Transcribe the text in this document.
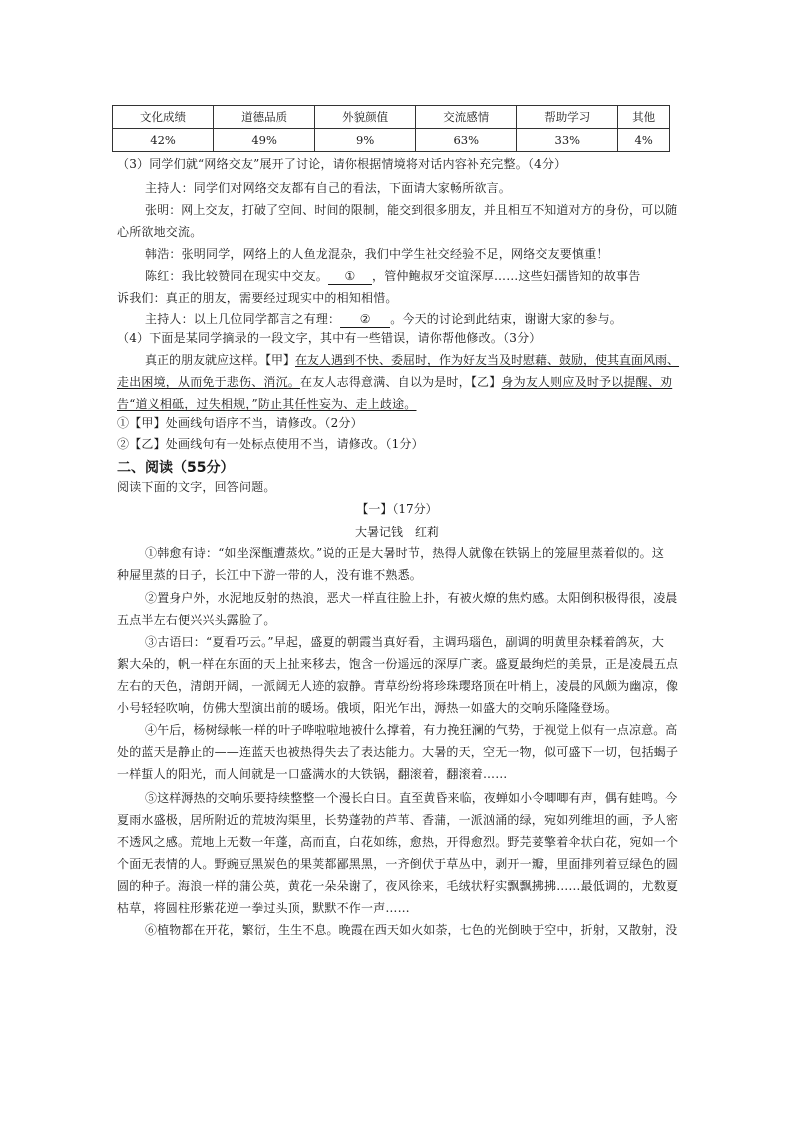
文化成绩	道德品质	外貌颜值	交流感情	帮助学习	其他
42%	49%	9%	63%	33%	4%
（3）同学们就“网络交友”展开了讨论，请你根据情境将对话内容补充完整。（4分）
主持人：同学们对网络交友都有自己的看法，下面请大家畅所欲言。
张明：网上交友，打破了空间、时间的限制，能交到很多朋友，并且相互不知道对方的身份，可以随
心所欲地交流。
韩浩：张明同学，网络上的人鱼龙混杂，我们中学生社交经验不足，网络交友要慎重！
陈红：我比较赞同在现实中交友。 ① ，管仲鲍叔牙交谊深厚……这些妇孺皆知的故事告
诉我们：真正的朋友，需要经过现实中的相知相惜。
主持人：以上几位同学都言之有理： ② 。今天的讨论到此结束，谢谢大家的参与。
（4）下面是某同学摘录的一段文字，其中有一些错误，请你帮他修改。（3分）
真正的朋友就应这样。【甲】在友人遇到不快、委屈时，作为好友当及时慰藉、鼓励，使其直面风雨、
走出困境，从而免于悲伤、消沉。在友人志得意满、自以为是时，【乙】身为友人则应及时予以提醒、劝
告“道义相砥，过失相规，”防止其任性妄为、走上歧途。
①【甲】处画线句语序不当，请修改。（2分）
②【乙】处画线句有一处标点使用不当，请修改。（1分）
二、阅读（55分）
阅读下面的文字，回答问题。
【一】（17分）
大暑记钱　红莉
①韩愈有诗：“如坐深甑遭蒸炊。”说的正是大暑时节，热得人就像在铁锅上的笼屉里蒸着似的。这
种屉里蒸的日子，长江中下游一带的人，没有谁不熟悉。
②置身户外，水泥地反射的热浪，恶犬一样直往脸上扑，有被火燎的焦灼感。太阳倒积极得很，凌晨
五点半左右便兴兴头露脸了。
③古语曰：“夏看巧云。”早起，盛夏的朝霞当真好看，主调玛瑙色，副调的明黄里杂糅着鸽灰，大
絮大朵的，帆一样在东面的天上扯来移去，饱含一份遥远的深厚广袤。盛夏最绚烂的美景，正是凌晨五点
左右的天色，清朗开阔，一派阔无人迹的寂静。青草纷纷将珍珠璎珞顶在叶梢上，凌晨的风颇为幽凉，像
小号轻轻吹响，仿佛大型演出前的暖场。俄顷，阳光乍出，溽热一如盛大的交响乐隆隆登场。
④午后，杨树绿帐一样的叶子哗啦啦地被什么撑着，有力挽狂澜的气势，于视觉上似有一点凉意。高
处的蓝天是静止的——连蓝天也被热得失去了表达能力。大暑的天，空无一物，似可盛下一切，包括蝎子
一样蜇人的阳光，而人间就是一口盛满水的大铁锅，翻滚着，翻滚着……
⑤这样溽热的交响乐要持续整整一个漫长白日。直至黄昏来临，夜蝉如小令唧唧有声，偶有蛙鸣。今
夏雨水盛极，居所附近的荒坡沟渠里，长势蓬勃的芦苇、香蒲，一派汹涌的绿，宛如列维坦的画，予人密
不透风之感。荒地上无数一年蓬，高而直，白花如练，愈热，开得愈烈。野芫荽擎着伞状白花，宛如一个
个面无表情的人。野豌豆黑炭色的果荚都鄙黑黑，一齐倒伏于草丛中，剥开一瓣，里面排列着豆绿色的圆
圆的种子。海浪一样的蒲公英，黄花一朵朵谢了，夜风徐来，毛绒状籽实飘飘拂拂……最低调的，尤数夏
枯草，将圆柱形紫花逆一拳过头顶，默默不作一声……
⑥植物都在开花，繁衍，生生不息。晚霞在西天如火如荼，七色的光倒映于空中，折射，又散射，没
